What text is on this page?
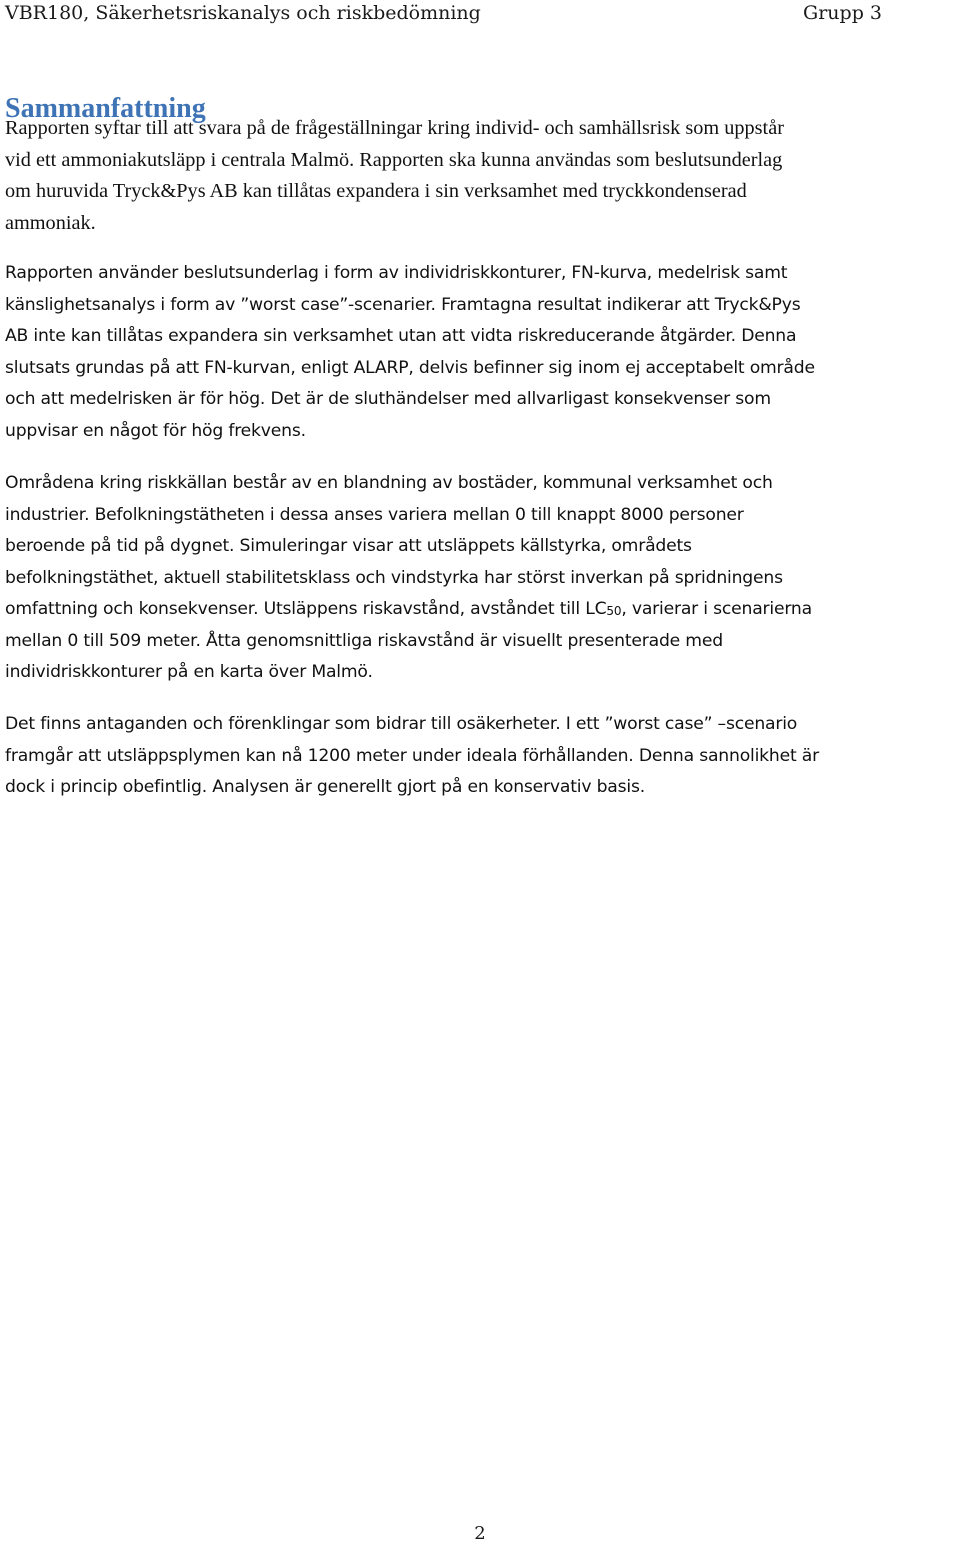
VBR180, Säkerhetsriskanalys och riskbedömning	Grupp 3
Sammanfattning
Rapporten syftar till att svara på de frågeställningar kring individ- och samhällsrisk som uppstår
vid ett ammoniakutsläpp i centrala Malmö. Rapporten ska kunna användas som beslutsunderlag
om huruvida Tryck&Pys AB kan tillåtas expandera i sin verksamhet med tryckkondenserad
ammoniak.
Rapporten använder beslutsunderlag i form av individriskkonturer, FN-kurva, medelrisk samt
känslighetsanalys i form av ”worst case”-scenarier. Framtagna resultat indikerar att Tryck&Pys
AB inte kan tillåtas expandera sin verksamhet utan att vidta riskreducerande åtgärder. Denna
slutsats grundas på att FN-kurvan, enligt ALARP, delvis befinner sig inom ej acceptabelt område
och att medelrisken är för hög. Det är de sluthändelser med allvarligast konsekvenser som
uppvisar en något för hög frekvens.
Områdena kring riskkällan består av en blandning av bostäder, kommunal verksamhet och
industrier. Befolkningstätheten i dessa anses variera mellan 0 till knappt 8000 personer
beroende på tid på dygnet. Simuleringar visar att utsläppets källstyrka, områdets
befolkningstäthet, aktuell stabilitetsklass och vindstyrka har störst inverkan på spridningens
omfattning och konsekvenser. Utsläppens riskavstånd, avståndet till $LC_{50}$, varierar i scenarierna
mellan 0 till 509 meter. Åtta genomsnittliga riskavstånd är visuellt presenterade med
individriskkonturer på en karta över Malmö.
Det finns antaganden och förenklingar som bidrar till osäkerheter. I ett ”worst case” –scenario
framgår att utsläppsplymen kan nå 1200 meter under ideala förhållanden. Denna sannolikhet är
dock i princip obefintlig. Analysen är generellt gjort på en konservativ basis.
2
